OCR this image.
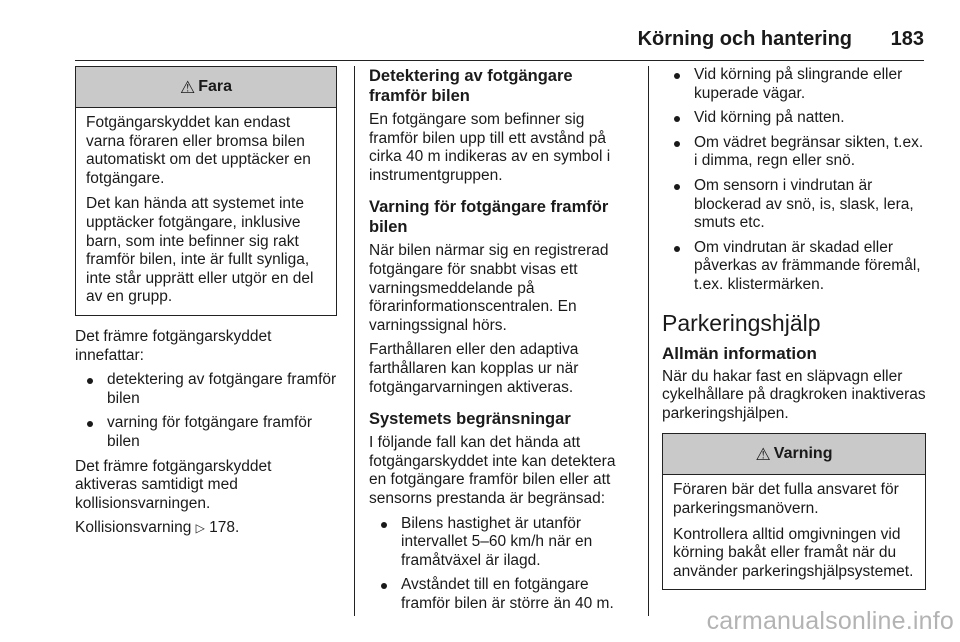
Körning och hantering 183
⚠ Fara

Fotgängarskyddet kan endast varna föraren eller bromsa bilen automatiskt om det upptäcker en fotgängare.

Det kan hända att systemet inte upptäcker fotgängare, inklusive barn, som inte befinner sig rakt framför bilen, inte är fullt synliga, inte står upprätt eller utgör en del av en grupp.

Det främre fotgängarskyddet innefattar:

detektering av fotgängare framför bilen
varning för fotgängare framför bilen

Det främre fotgängarskyddet aktiveras samtidigt med kollisionsvarningen.

Kollisionsvarning ▷ 178.

Detektering av fotgängare framför bilen

En fotgängare som befinner sig framför bilen upp till ett avstånd på cirka 40 m indikeras av en symbol i instrumentgruppen.

Varning för fotgängare framför bilen

När bilen närmar sig en registrerad fotgängare för snabbt visas ett varningsmeddelande på förarinformationscentralen. En varningssignal hörs.

Farthållaren eller den adaptiva farthållaren kan kopplas ur när fotgängarvarningen aktiveras.

Systemets begränsningar

I följande fall kan det hända att fotgängarskyddet inte kan detektera en fotgängare framför bilen eller att sensorns prestanda är begränsad:

Bilens hastighet är utanför intervallet 5–60 km/h när en framåtväxel är ilagd.
Avståndet till en fotgängare framför bilen är större än 40 m.
Vid körning på slingrande eller kuperade vägar.
Vid körning på natten.
Om vädret begränsar sikten, t.ex. i dimma, regn eller snö.
Om sensorn i vindrutan är blockerad av snö, is, slask, lera, smuts etc.
Om vindrutan är skadad eller påverkas av främmande föremål, t.ex. klistermärken.
Parkeringshjälp
Allmän information

När du hakar fast en släpvagn eller cykelhållare på dragkroken inaktiveras parkeringshjälpen.

⚠ Varning

Föraren bär det fulla ansvaret för parkeringsmanövern.

Kontrollera alltid omgivningen vid körning bakåt eller framåt när du använder parkeringshjälpsystemet.

carmanualsonline.info
